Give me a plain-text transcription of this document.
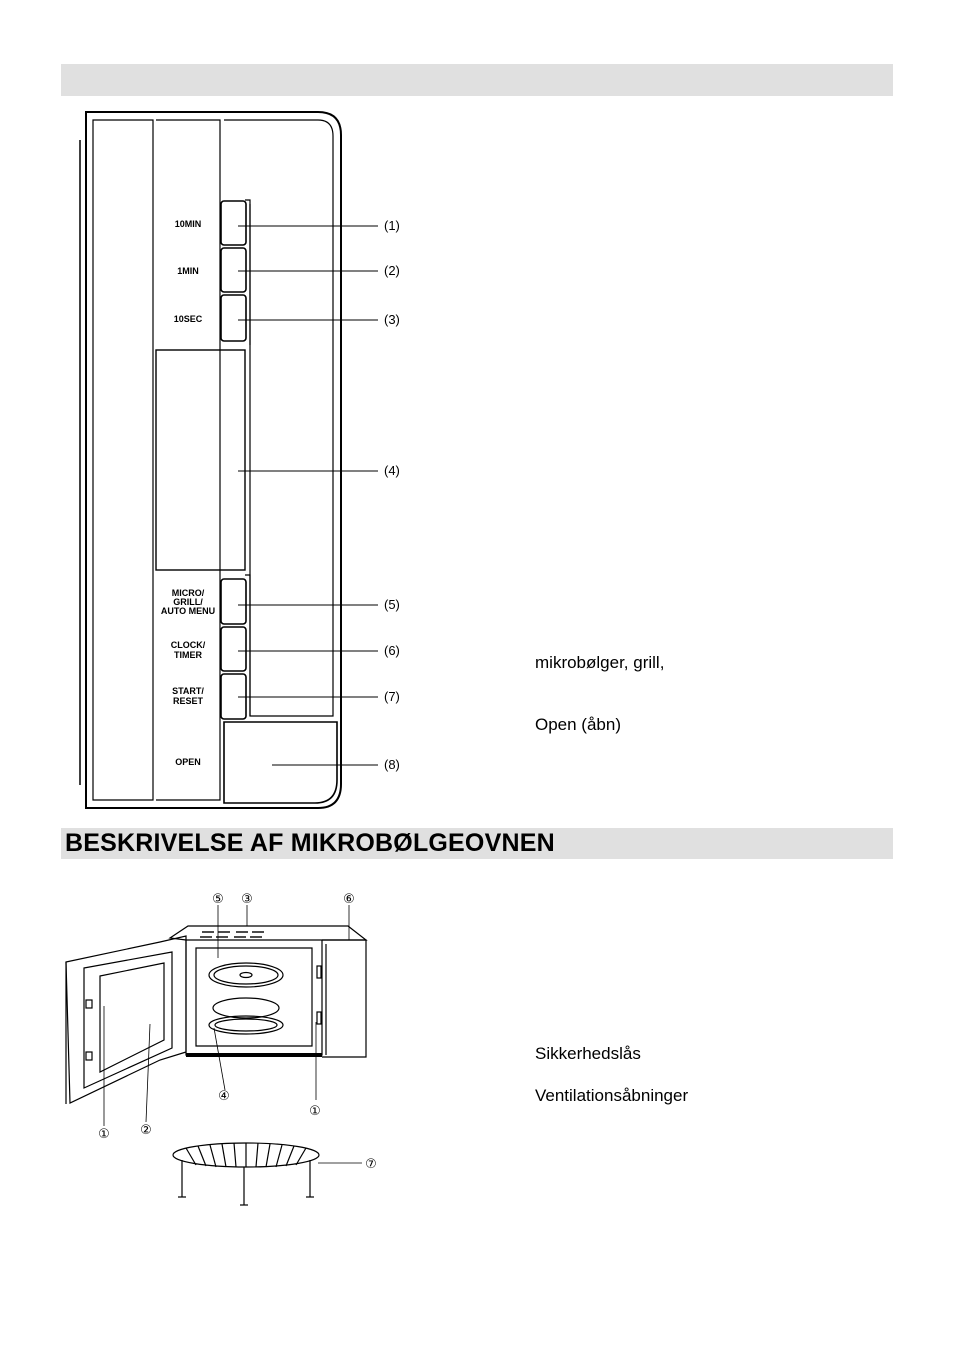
BESKRIVELSE AF MIKROBØLGEOVNEN
10MIN
1MIN
10SEC
MICRO/
GRILL/
AUTO MENU
CLOCK/
TIMER
START/
RESET
OPEN
(1)
(2)
(3)
(4)
(5)
(6)
(7)
(8)
⑤ ③	⑥
④
①
① ②
⑦
mikrobølger, grill,
Open (åbn)
Sikkerhedslås
Ventilationsåbninger
